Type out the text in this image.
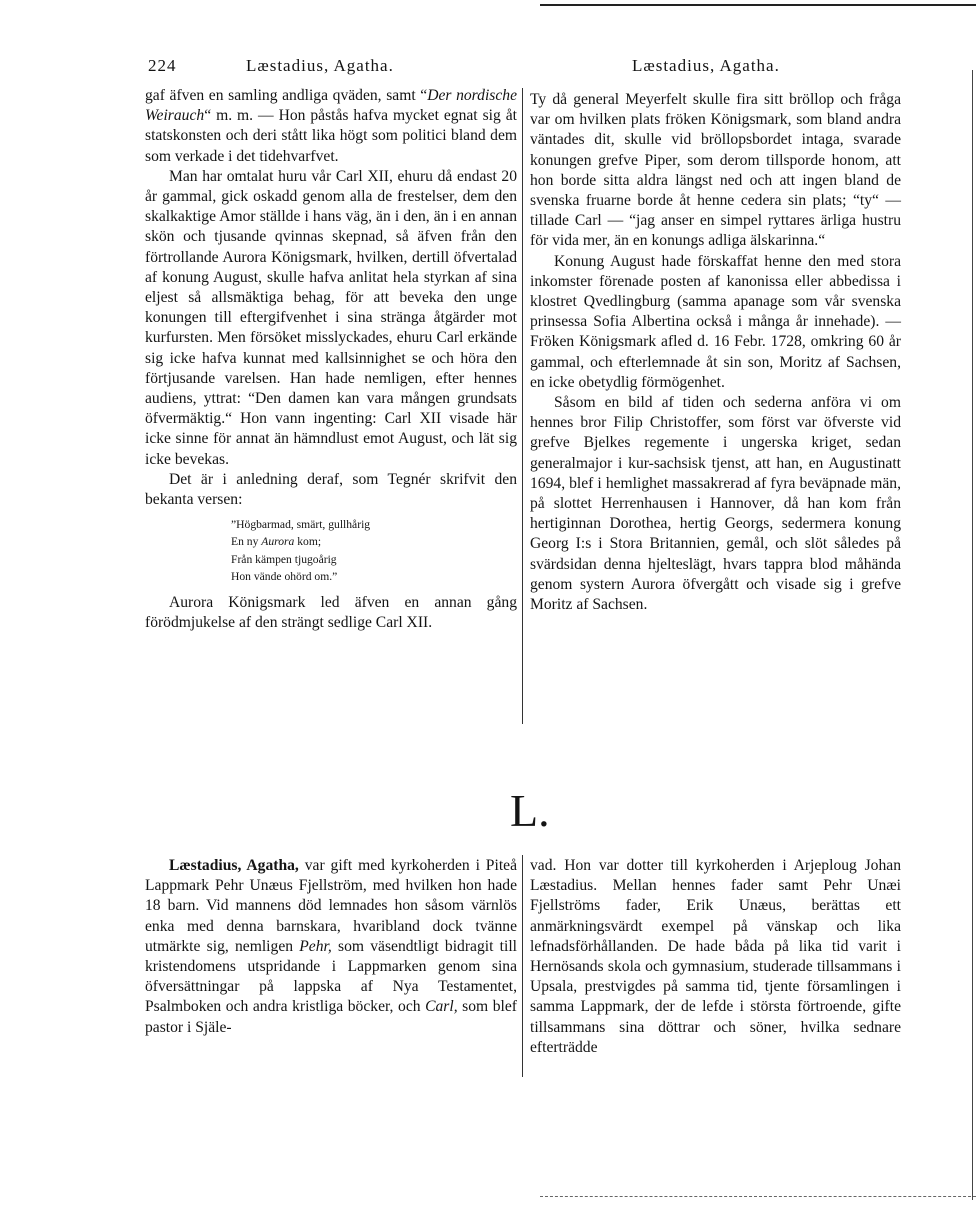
224	Læstadius, Agatha.	Læstadius, Agatha.

gaf äfven en samling andliga qväden, samt “Der nordische Weirauch“ m. m. — Hon påstås hafva mycket egnat sig åt statskonsten och deri stått lika högt som politici bland dem som verkade i det tidehvarfvet.

Man har omtalat huru vår Carl XII, ehuru då endast 20 år gammal, gick oskadd genom alla de frestelser, dem den skalkaktige Amor ställde i hans väg, än i den, än i en annan skön och tjusande qvinnas skepnad, så äfven från den förtrollande Aurora Königsmark, hvilken, dertill öfvertalad af konung August, skulle hafva anlitat hela styrkan af sina eljest så allsmäktiga behag, för att beveka den unge konungen till eftergifvenhet i sina stränga åtgärder mot kurfursten. Men försöket misslyckades, ehuru Carl erkände sig icke hafva kunnat med kallsinnighet se och höra den förtjusande varelsen. Han hade nemligen, efter hennes audiens, yttrat: “Den damen kan vara mången grundsats öfvermäktig.“ Hon vann ingenting: Carl XII visade här icke sinne för annat än hämndlust emot August, och lät sig icke bevekas.

Det är i anledning deraf, som Tegnér skrifvit den bekanta versen:

”Högbarmad, smärt, gullhårig
En ny Aurora kom;
Från kämpen tjugoårig
Hon vände ohörd om.”

Aurora Königsmark led äfven en annan gång förödmjukelse af den strängt sedlige Carl XII.

Ty då general Meyerfelt skulle fira sitt bröllop och fråga var om hvilken plats fröken Königsmark, som bland andra väntades dit, skulle vid bröllopsbordet intaga, svarade konungen grefve Piper, som derom tillsporde honom, att hon borde sitta aldra längst ned och att ingen bland de svenska fruarne borde åt henne cedera sin plats; “ty“ — tillade Carl — “jag anser en simpel ryttares ärliga hustru för vida mer, än en konungs adliga älskarinna.“

Konung August hade förskaffat henne den med stora inkomster förenade posten af kanonissa eller abbedissa i klostret Qvedlingburg (samma apanage som vår svenska prinsessa Sofia Albertina också i många år innehade). — Fröken Königsmark afled d. 16 Febr. 1728, omkring 60 år gammal, och efterlemnade åt sin son, Moritz af Sachsen, en icke obetydlig förmögenhet.

Såsom en bild af tiden och sederna anföra vi om hennes bror Filip Christoffer, som först var öfverste vid grefve Bjelkes regemente i ungerska kriget, sedan generalmajor i kur-sachsisk tjenst, att han, en Augustinatt 1694, blef i hemlighet massakrerad af fyra beväpnade män, på slottet Herrenhausen i Hannover, då han kom från hertiginnan Dorothea, hertig Georgs, sedermera konung Georg I:s i Stora Britannien, gemål, och slöt således på svärdsidan denna hjelteslägt, hvars tappra blod måhända genom systern Aurora öfvergått och visade sig i grefve Moritz af Sachsen.

L.

Læstadius, Agatha, var gift med kyrkoherden i Piteå Lappmark Pehr Unæus Fjellström, med hvilken hon hade 18 barn. Vid mannens död lemnades hon såsom värnlös enka med denna barnskara, hvaribland dock tvänne utmärkte sig, nemligen Pehr, som väsendtligt bidragit till kristendomens utspridande i Lappmarken genom sina öfversättningar på lappska af Nya Testamentet, Psalmboken och andra kristliga böcker, och Carl, som blef pastor i Själe-

vad. Hon var dotter till kyrkoherden i Arjeploug Johan Læstadius. Mellan hennes fader samt Pehr Unæi Fjellströms fader, Erik Unæus, berättas ett anmärkningsvärdt exempel på vänskap och lika lefnadsförhållanden. De hade båda på lika tid varit i Hernösands skola och gymnasium, studerade tillsammans i Upsala, prestvigdes på samma tid, tjente församlingen i samma Lappmark, der de lefde i största förtroende, gifte tillsammans sina döttrar och söner, hvilka sednare efterträdde
